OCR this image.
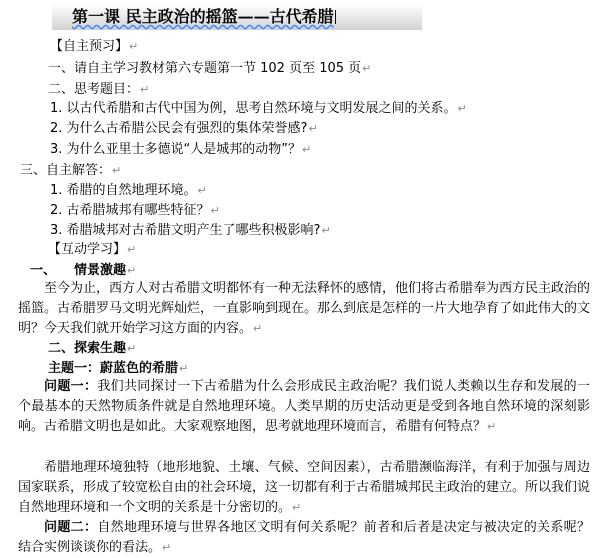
第一课 民主政治的摇篮——古代希腊
【自主预习】↵
一、请自主学习教材第六专题第一节 102 页至 105 页↵
二、思考题目：↵
1. 以古代希腊和古代中国为例，思考自然环境与文明发展之间的关系。↵
2. 为什么古希腊公民会有强烈的集体荣誉感?↵
3. 为什么亚里士多德说“人是城邦的动物”？↵
三、自主解答：↵
1. 希腊的自然地理环境。↵
2. 古希腊城邦有哪些特征？↵
3. 希腊城邦对古希腊文明产生了哪些积极影响?↵
【互动学习】↵
一、 情景激趣↵
至今为止，西方人对古希腊文明都怀有一种无法释怀的感情，他们将古希腊奉为西方民主政治的摇篮。古希腊罗马文明光辉灿烂，一直影响到现在。那么到底是怎样的一片大地孕育了如此伟大的文明？今天我们就开始学习这方面的内容。↵
二、探索生趣↵
主题一：蔚蓝色的希腊↵
问题一：我们共同探讨一下古希腊为什么会形成民主政治呢？我们说人类赖以生存和发展的一个最基本的天然物质条件就是自然地理环境。人类早期的历史活动更是受到各地自然环境的深刻影响。古希腊文明也是如此。大家观察地图，思考就地理环境而言，希腊有何特点？↵
希腊地理环境独特（地形地貌、土壤、气候、空间因素），古希腊濒临海洋，有利于加强与周边国家联系，形成了较宽松自由的社会环境，这一切都有利于古希腊城邦民主政治的建立。所以我们说自然地理环境和一个文明的关系是十分密切的。↵
问题二：自然地理环境与世界各地区文明有何关系呢？前者和后者是决定与被决定的关系呢？结合实例谈谈你的看法。↵
